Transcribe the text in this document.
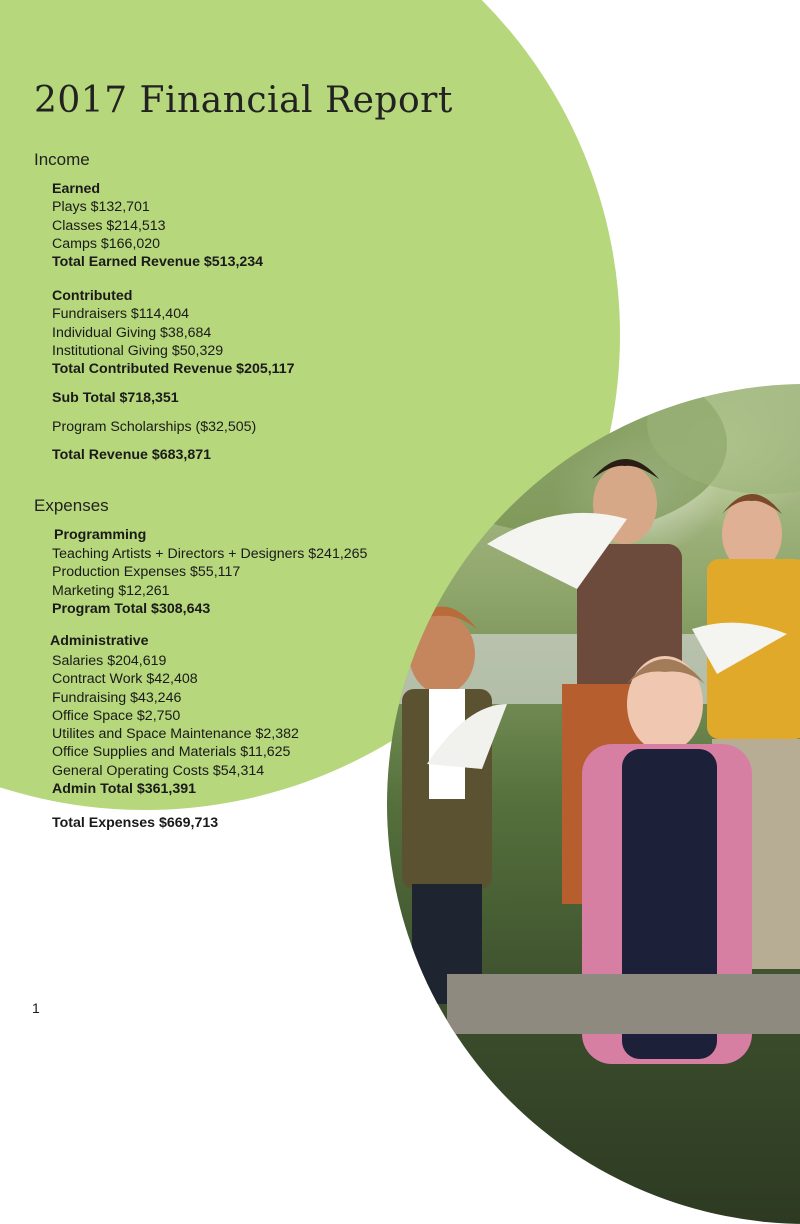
2017 Financial Report
Income
Earned
Plays $132,701
Classes $214,513
Camps $166,020
Total Earned Revenue $513,234
Contributed
Fundraisers $114,404
Individual Giving $38,684
Institutional Giving $50,329
Total Contributed Revenue $205,117
Sub Total $718,351
Program Scholarships ($32,505)
Total Revenue $683,871
Expenses
Programming
Teaching Artists + Directors + Designers $241,265
Production Expenses $55,117
Marketing $12,261
Program Total $308,643
Administrative
Salaries $204,619
Contract Work $42,408
Fundraising $43,246
Office Space $2,750
Utilites and Space Maintenance $2,382
Office Supplies and Materials $11,625
General Operating Costs $54,314
Admin Total $361,391
Total Expenses $669,713
1
